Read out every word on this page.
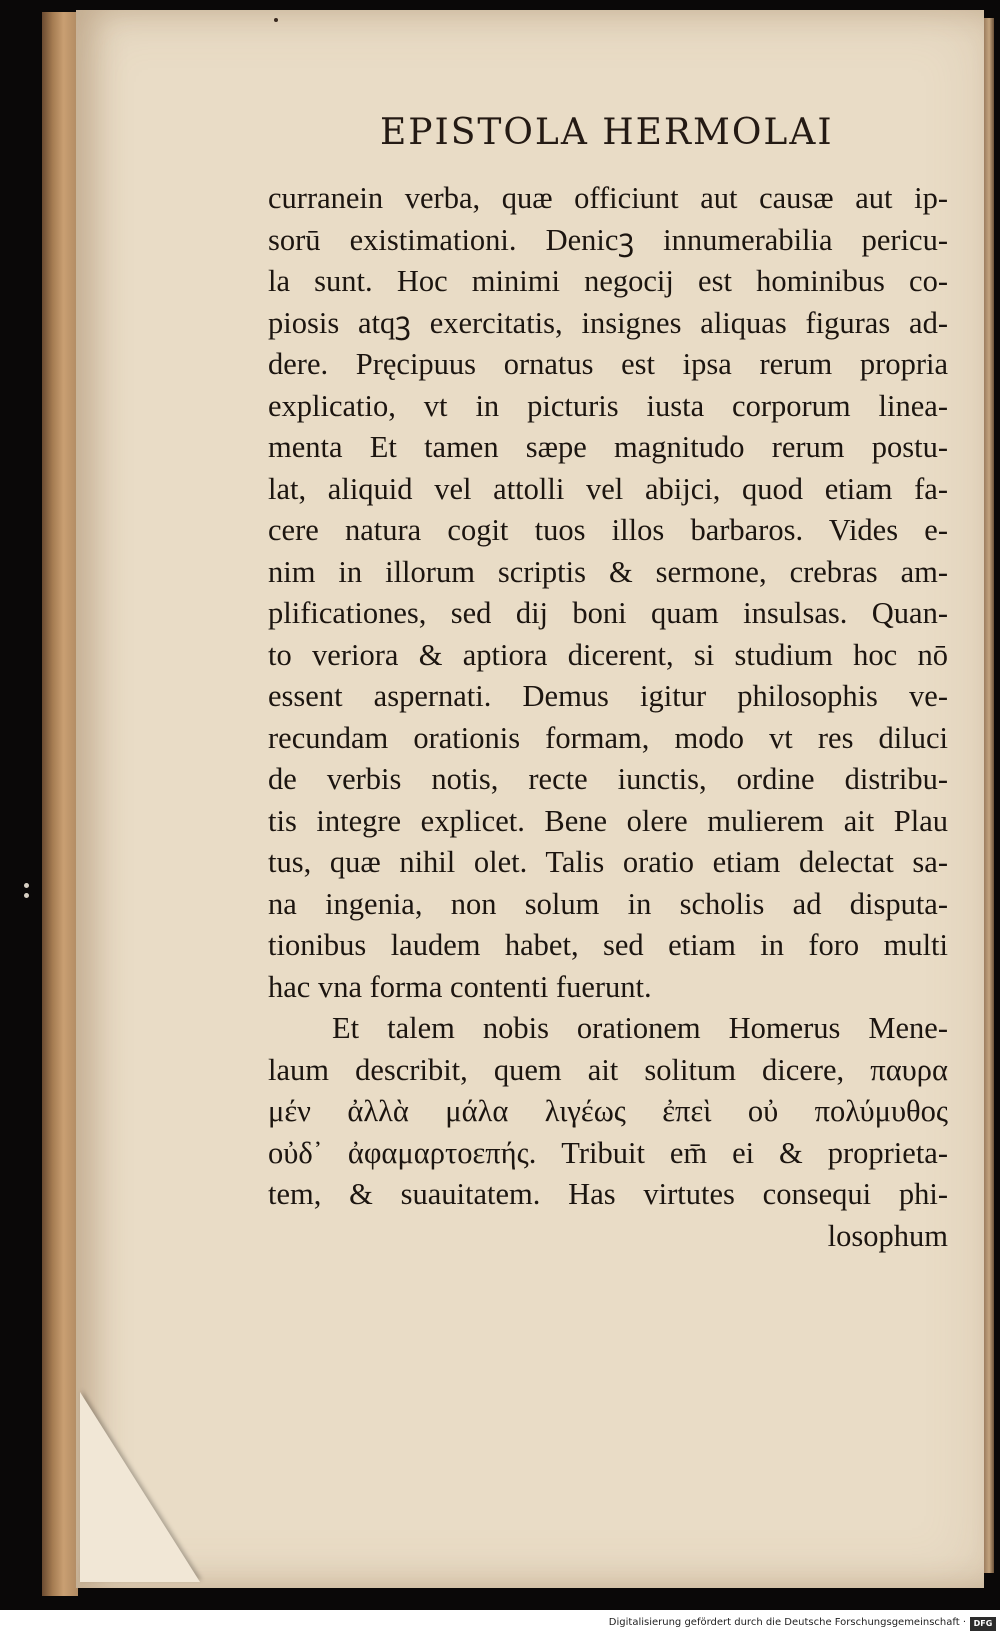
EPISTOLA HERMOLAI
curranein verba, quæ officiunt aut causæ aut ip-
sorū existimationi. Denicꝫ innumerabilia pericu-
la sunt. Hoc minimi negocij est hominibus co-
piosis atqꝫ exercitatis, insignes aliquas figuras ad-
dere. Pręcipuus ornatus est ipsa rerum propria
explicatio, vt in picturis iusta corporum linea-
menta Et tamen sæpe magnitudo rerum postu-
lat, aliquid vel attolli vel abijci, quod etiam fa-
cere natura cogit tuos illos barbaros. Vides e-
nim in illorum scriptis & sermone, crebras am-
plificationes, sed dij boni quam insulsas. Quan-
to veriora & aptiora dicerent, si studium hoc nō
essent aspernati. Demus igitur philosophis ve-
recundam orationis formam, modo vt res diluci
de verbis notis, recte iunctis, ordine distribu-
tis integre explicet. Bene olere mulierem ait Plau
tus, quæ nihil olet. Talis oratio etiam delectat sa-
na ingenia, non solum in scholis ad disputa-
tionibus laudem habet, sed etiam in foro multi
hac vna forma contenti fuerunt.
Et talem nobis orationem Homerus Mene-
laum describit, quem ait solitum dicere, παυρα
μέν ἀλλὰ μάλα λιγέως ἐπεὶ οὐ πολύμυθος
οὐδ᾽ ἀφαμαρτοεπής. Tribuit em̄ ei & proprieta-
tem, & suauitatem. Has virtutes consequi phi-
losophum
Digitalisierung gefördert durch die Deutsche Forschungsgemeinschaft · DFG
